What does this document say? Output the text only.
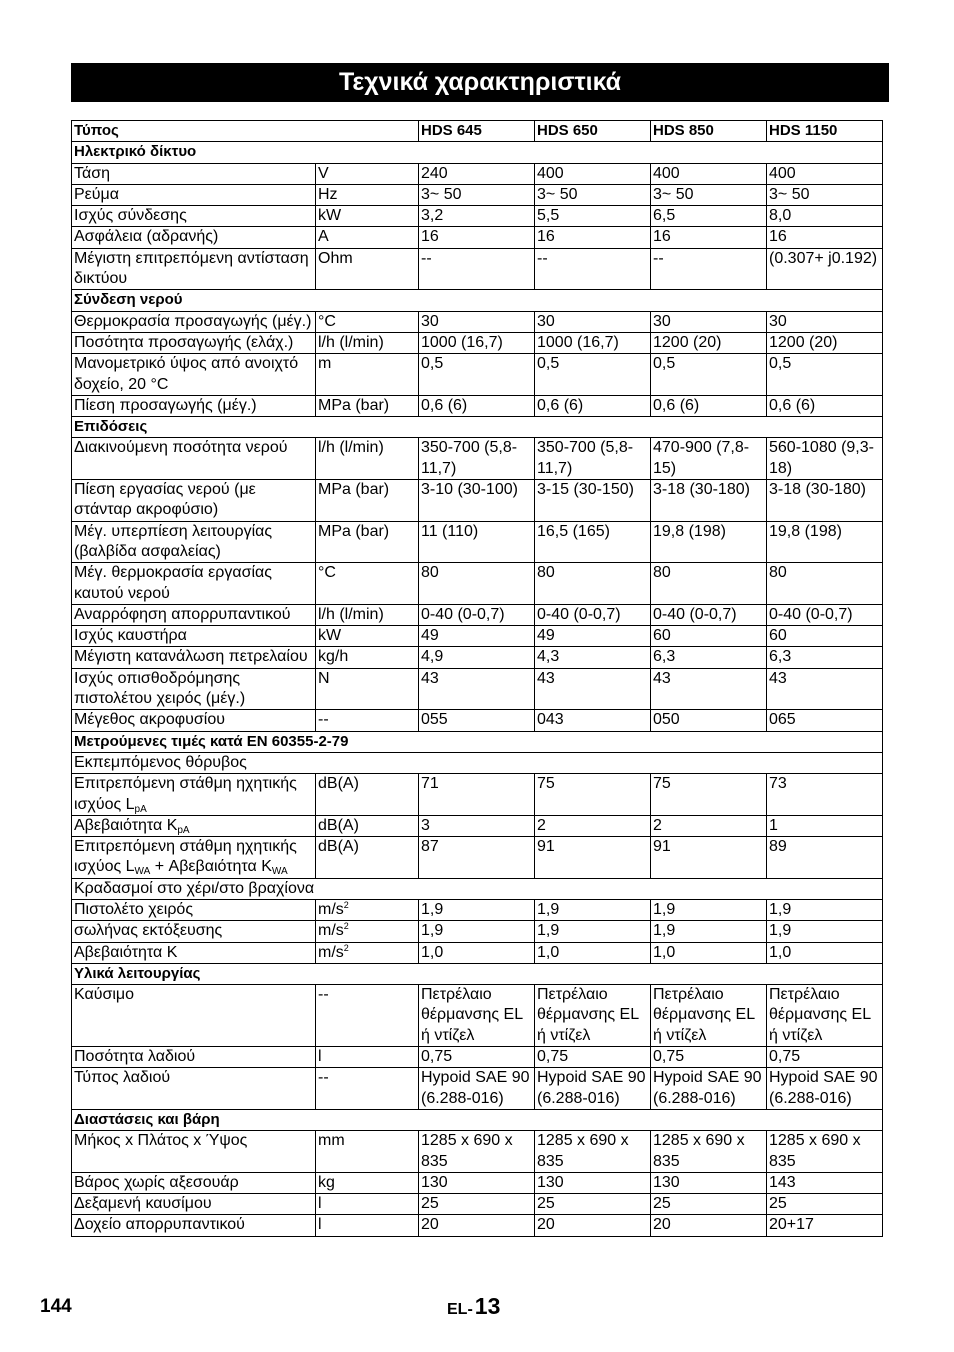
Τεχνικά χαρακτηριστικά
Τύπος		HDS 645	HDS 650	HDS 850	HDS 1150
Ηλεκτρικό δίκτυο					
Τάση	V	240	400	400	400
Ρεύμα	Hz	3~ 50	3~ 50	3~ 50	3~ 50
Ισχύς σύνδεσης	kW	3,2	5,5	6,5	8,0
Ασφάλεια (αδρανής)	A	16	16	16	16
Μέγιστη επιτρεπόμενη αντίσταση δικτύου	Ohm	--	--	--	(0.307+ j0.192)
Σύνδεση νερού					
Θερμοκρασία προσαγωγής (μέγ.)	°C	30	30	30	30
Ποσότητα προσαγωγής (ελάχ.)	l/h (l/min)	1000 (16,7)	1000 (16,7)	1200 (20)	1200 (20)
Μανομετρικό ύψος από ανοιχτό δοχείο, 20 °C	m	0,5	0,5	0,5	0,5
Πίεση προσαγωγής (μέγ.)	MPa (bar)	0,6 (6)	0,6 (6)	0,6 (6)	0,6 (6)
Επιδόσεις					
Διακινούμενη ποσότητα νερού	l/h (l/min)	350-700 (5,8-11,7)	350-700 (5,8-11,7)	470-900 (7,8-15)	560-1080 (9,3-18)
Πίεση εργασίας νερού (με στάνταρ ακροφύσιο)	MPa (bar)	3-10 (30-100)	3-15 (30-150)	3-18 (30-180)	3-18 (30-180)
Μέγ. υπερπίεση λειτουργίας (βαλβίδα ασφαλείας)	MPa (bar)	11 (110)	16,5 (165)	19,8 (198)	19,8 (198)
Μέγ. θερμοκρασία εργασίας καυτού νερού	°C	80	80	80	80
Αναρρόφηση απορρυπαντικού	l/h (l/min)	0-40 (0-0,7)	0-40 (0-0,7)	0-40 (0-0,7)	0-40 (0-0,7)
Ισχύς καυστήρα	kW	49	49	60	60
Μέγιστη κατανάλωση πετρελαίου	kg/h	4,9	4,3	6,3	6,3
Ισχύς οπισθοδρόμησης πιστολέτου χειρός (μέγ.)	N	43	43	43	43
Μέγεθος ακροφυσίου	--	055	043	050	065
Μετρούμενες τιμές κατά EN 60355-2-79					
Εκπεμπόμενος θόρυβος					
Επιτρεπόμενη στάθμη ηχητικής ισχύος $L_{pA}$	dB(A)	71	75	75	73
Αβεβαιότητα $K_{pA}$	dB(A)	3	2	2	1
Επιτρεπόμενη στάθμη ηχητικής ισχύος $L_{WA} + A\beta\varepsilon\beta\alpha\iota ό\tau\eta\tau\alpha$ $K_{WA}$	dB(A)	87	91	91	89
Κραδασμοί στο χέρι/στο βραχίονα					
Πιστολέτο χειρός	$m/s^2$	1,9	1,9	1,9	1,9
σωλήνας εκτόξευσης	$m/s^2$	1,9	1,9	1,9	1,9
Αβεβαιότητα K	$m/s^2$	1,0	1,0	1,0	1,0
Υλικά λειτουργίας					
Καύσιμο	--	Πετρέλαιο θέρμανσης EL ή ντίζελ	Πετρέλαιο θέρμανσης EL ή ντίζελ	Πετρέλαιο θέρμανσης EL ή ντίζελ	Πετρέλαιο θέρμανσης EL ή ντίζελ
Ποσότητα λαδιού	l	0,75	0,75	0,75	0,75
Τύπος λαδιού	--	Hypoid SAE 90 (6.288-016)	Hypoid SAE 90 (6.288-016)	Hypoid SAE 90 (6.288-016)	Hypoid SAE 90 (6.288-016)
Διαστάσεις και βάρη					
Μήκος x Πλάτος x Ύψος	mm	1285 x 690 x 835	1285 x 690 x 835	1285 x 690 x 835	1285 x 690 x 835
Βάρος χωρίς αξεσουάρ	kg	130	130	130	143
Δεξαμενή καυσίμου	l	25	25	25	25
Δοχείο απορρυπαντικού	l	20	20	20	20+17
144	EL-13
